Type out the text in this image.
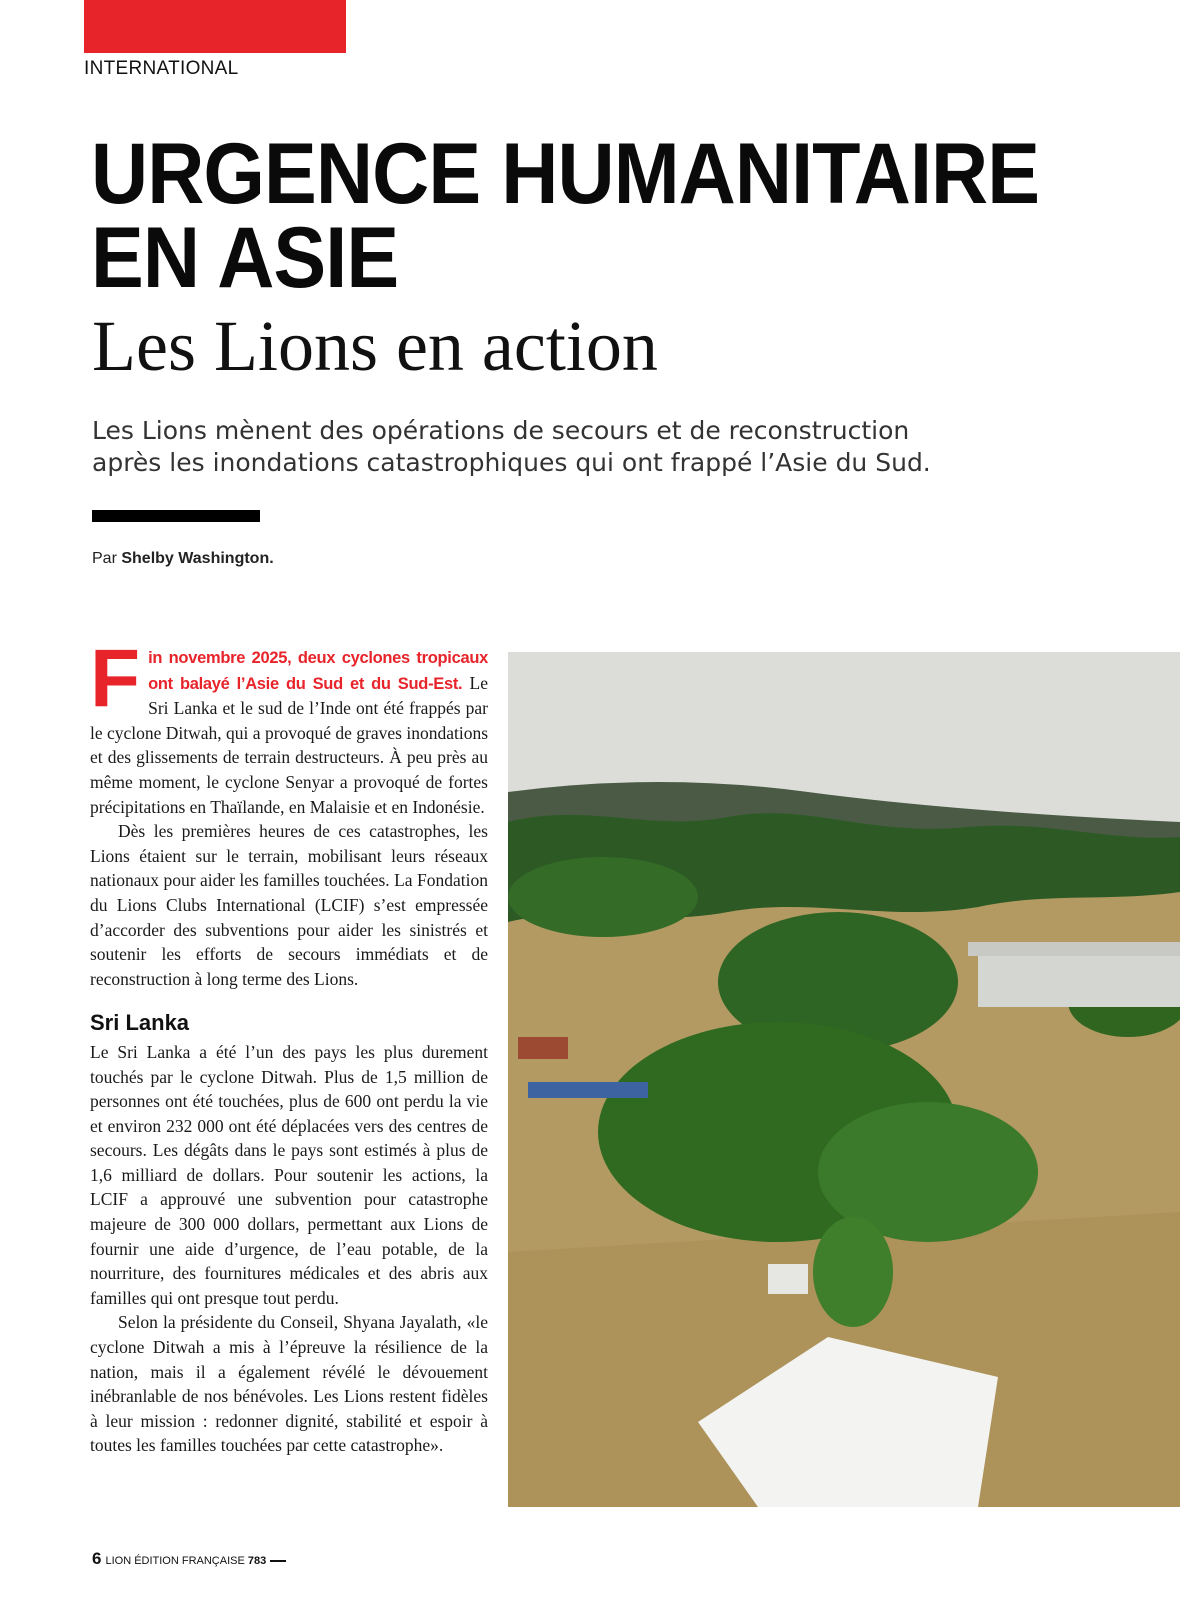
INTERNATIONAL
URGENCE HUMANITAIRE
EN ASIE
Les Lions en action

Les Lions mènent des opérations de secours et de reconstruction après les inondations catastrophiques qui ont frappé l’Asie du Sud.

Par Shelby Washington.

Fin novembre 2025, deux cyclones tropicaux ont balayé l’Asie du Sud et du Sud-Est. Le Sri Lanka et le sud de l’Inde ont été frappés par le cyclone Ditwah, qui a provoqué de graves inondations et des glissements de terrain destructeurs. À peu près au même moment, le cyclone Senyar a provoqué de fortes précipitations en Thaïlande, en Malaisie et en Indonésie.

Dès les premières heures de ces catastrophes, les Lions étaient sur le terrain, mobilisant leurs réseaux nationaux pour aider les familles touchées. La Fondation du Lions Clubs International (LCIF) s’est empressée d’accorder des subventions pour aider les sinistrés et soutenir les efforts de secours immédiats et de reconstruction à long terme des Lions.

Sri Lanka

Le Sri Lanka a été l’un des pays les plus durement touchés par le cyclone Ditwah. Plus de 1,5 million de personnes ont été touchées, plus de 600 ont perdu la vie et environ 232 000 ont été déplacées vers des centres de secours. Les dégâts dans le pays sont estimés à plus de 1,6 milliard de dollars. Pour soutenir les actions, la LCIF a approuvé une subvention pour catastrophe majeure de 300 000 dollars, permettant aux Lions de fournir une aide d’urgence, de l’eau potable, de la nourriture, des fournitures médicales et des abris aux familles qui ont presque tout perdu.

Selon la présidente du Conseil, Shyana Jayalath, «le cyclone Ditwah a mis à l’épreuve la résilience de la nation, mais il a également révélé le dévouement inébranlable de nos bénévoles. Les Lions restent fidèles à leur mission : redonner dignité, stabilité et espoir à toutes les familles touchées par cette catastrophe».

6 LION ÉDITION FRANÇAISE 783
